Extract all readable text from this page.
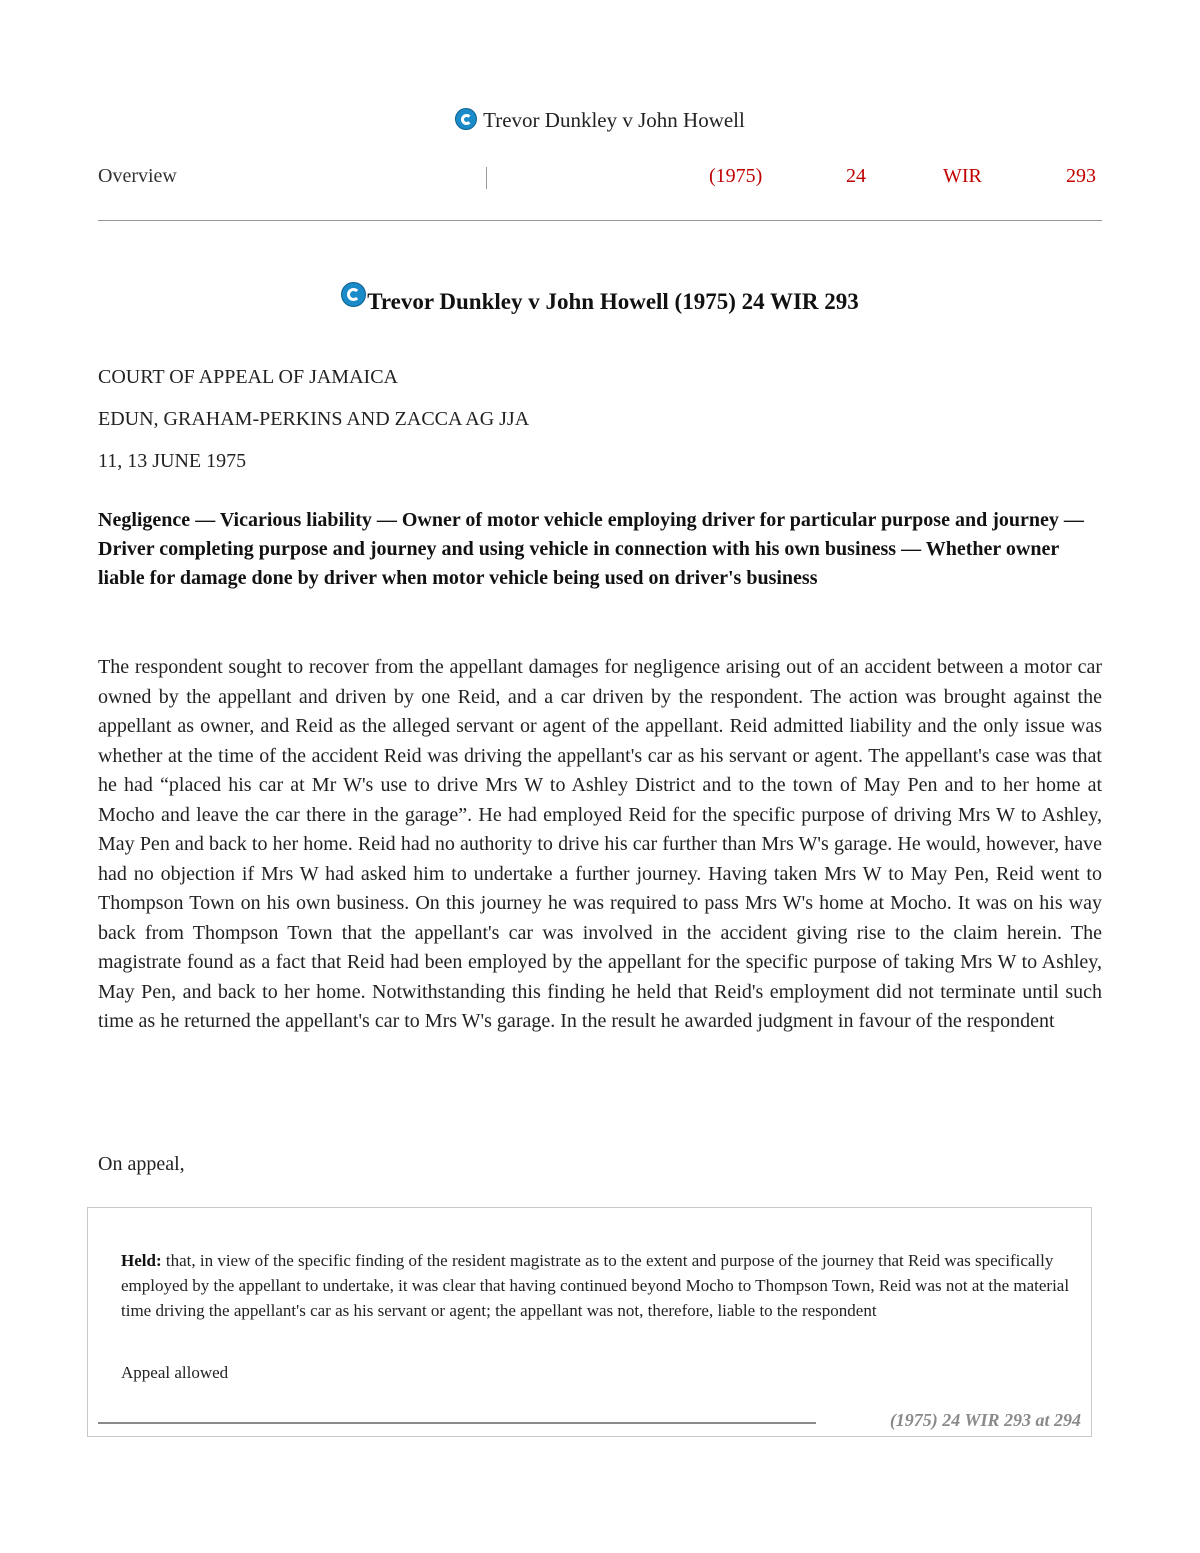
Trevor Dunkley v John Howell
Overview	(1975)	24	WIR	293
Trevor Dunkley v John Howell (1975) 24 WIR 293
COURT OF APPEAL OF JAMAICA
EDUN, GRAHAM-PERKINS AND ZACCA AG JJA
11, 13 JUNE 1975

Negligence — Vicarious liability — Owner of motor vehicle employing driver for particular purpose and journey — Driver completing purpose and journey and using vehicle in connection with his own business — Whether owner liable for damage done by driver when motor vehicle being used on driver's business

The respondent sought to recover from the appellant damages for negligence arising out of an accident between a motor car owned by the appellant and driven by one Reid, and a car driven by the respondent. The action was brought against the appellant as owner, and Reid as the alleged servant or agent of the appellant. Reid admitted liability and the only issue was whether at the time of the accident Reid was driving the appellant's car as his servant or agent. The appellant's case was that he had “placed his car at Mr W's use to drive Mrs W to Ashley District and to the town of May Pen and to her home at Mocho and leave the car there in the garage”. He had employed Reid for the specific purpose of driving Mrs W to Ashley, May Pen and back to her home. Reid had no authority to drive his car further than Mrs W's garage. He would, however, have had no objection if Mrs W had asked him to undertake a further journey. Having taken Mrs W to May Pen, Reid went to Thompson Town on his own business. On this journey he was required to pass Mrs W's home at Mocho. It was on his way back from Thompson Town that the appellant's car was involved in the accident giving rise to the claim herein. The magistrate found as a fact that Reid had been employed by the appellant for the specific purpose of taking Mrs W to Ashley, May Pen, and back to her home. Notwithstanding this finding he held that Reid's employment did not terminate until such time as he returned the appellant's car to Mrs W's garage. In the result he awarded judgment in favour of the respondent

On appeal,

Held: that, in view of the specific finding of the resident magistrate as to the extent and purpose of the journey that Reid was specifically employed by the appellant to undertake, it was clear that having continued beyond Mocho to Thompson Town, Reid was not at the material time driving the appellant's car as his servant or agent; the appellant was not, therefore, liable to the respondent

Appeal allowed
(1975) 24 WIR 293 at 294
